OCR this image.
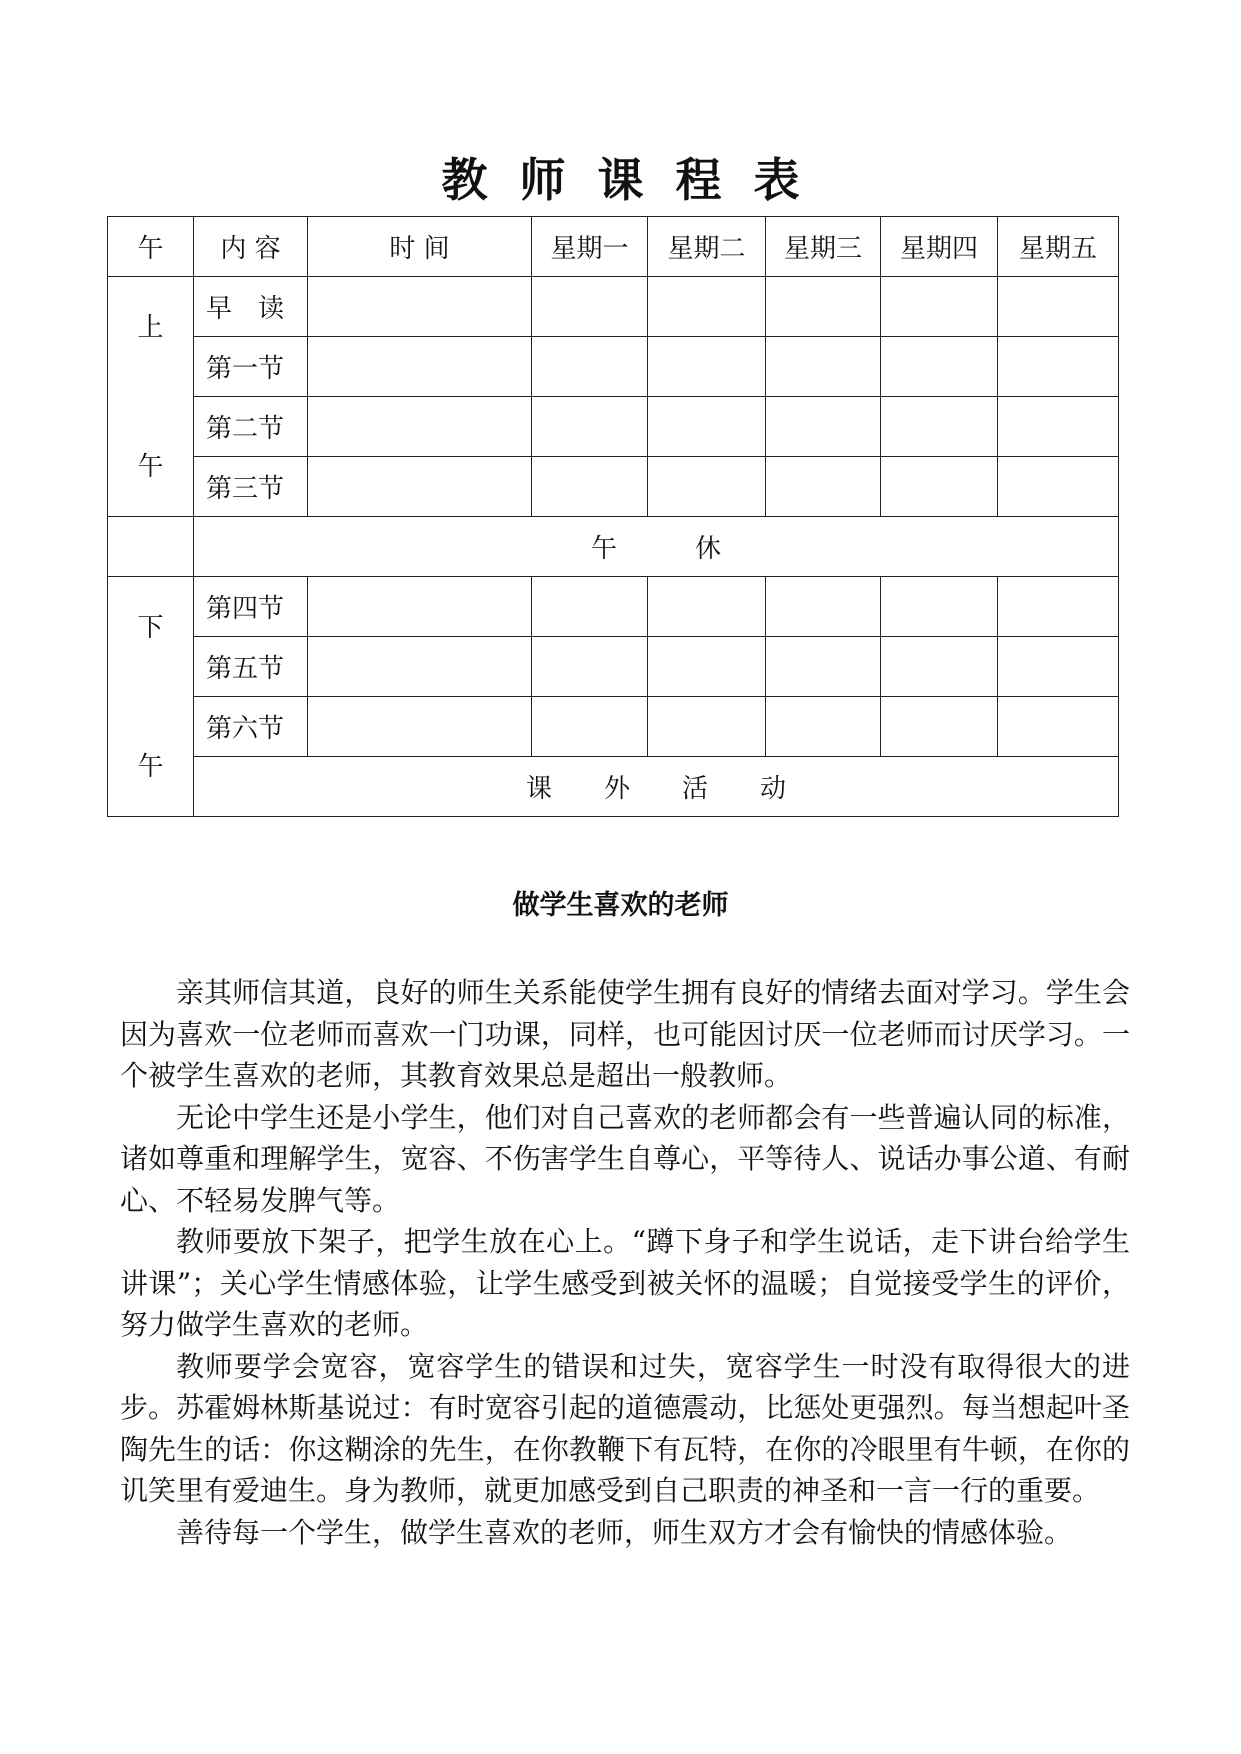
教 师 课 程 表
午	内 容	时 间	星期一	星期二	星期三	星期四	星期五

上
午	早　读						
	第一节						
	第二节						
	第三节						
	午　　　休						

下
午	第四节						
	第五节						
	第六节						
	课　　外　　活　　动						
做学生喜欢的老师

亲其师信其道，良好的师生关系能使学生拥有良好的情绪去面对学习。学生会因为喜欢一位老师而喜欢一门功课，同样，也可能因讨厌一位老师而讨厌学习。一个被学生喜欢的老师，其教育效果总是超出一般教师。

无论中学生还是小学生，他们对自己喜欢的老师都会有一些普遍认同的标准，诸如尊重和理解学生，宽容、不伤害学生自尊心，平等待人、说话办事公道、有耐心、不轻易发脾气等。

教师要放下架子，把学生放在心上。“蹲下身子和学生说话，走下讲台给学生讲课”；关心学生情感体验，让学生感受到被关怀的温暖；自觉接受学生的评价，努力做学生喜欢的老师。

教师要学会宽容，宽容学生的错误和过失，宽容学生一时没有取得很大的进步。苏霍姆林斯基说过：有时宽容引起的道德震动，比惩处更强烈。每当想起叶圣陶先生的话：你这糊涂的先生，在你教鞭下有瓦特，在你的冷眼里有牛顿，在你的讥笑里有爱迪生。身为教师，就更加感受到自己职责的神圣和一言一行的重要。

善待每一个学生，做学生喜欢的老师，师生双方才会有愉快的情感体验。
